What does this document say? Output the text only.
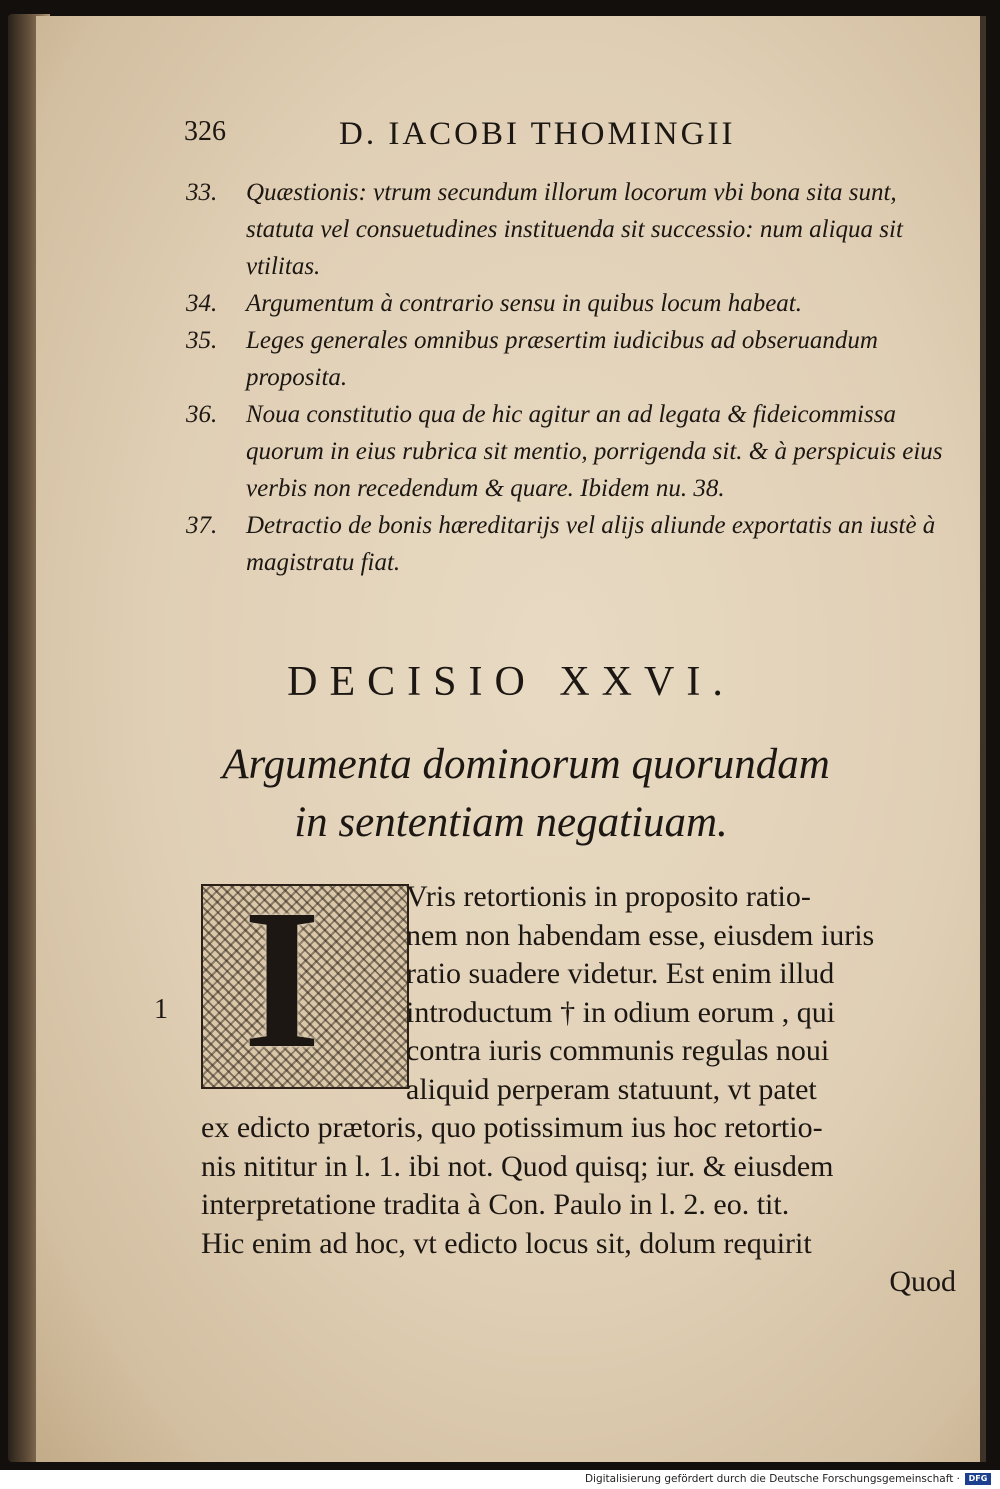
326	D. IACOBI THOMINGII
33. Quæstionis: vtrum secundum illorum locorum vbi bona sita sunt, statuta vel consuetudines instituenda sit successio: num aliqua sit vtilitas.
34. Argumentum à contrario sensu in quibus locum habeat.
35. Leges generales omnibus præsertim iudicibus ad obseruandum proposita.
36. Noua constitutio qua de hic agitur an ad legata & fideicommissa quorum in eius rubrica sit mentio, porrigenda sit. & à perspicuis eius verbis non recedendum & quare. Ibidem nu. 38.
37. Detractio de bonis hæreditarijs vel alijs aliunde exportatis an iustè à magistratu fiat.
DECISIO XXVI.
Argumenta dominorum quorundam
in sententiam negatiuam.
I
1
Vris retortionis in proposito ratio-
nem non habendam esse, eiusdem iuris
ratio suadere videtur. Est enim illud
introductum † in odium eorum , qui
contra iuris communis regulas noui
aliquid perperam statuunt, vt patet
ex edicto prætoris, quo potissimum ius hoc retortio-
nis nititur in l. 1. ibi not. Quod quisq; iur. & eiusdem
interpretatione tradita à Con. Paulo in l. 2. eo. tit.
Hic enim ad hoc, vt edicto locus sit, dolum requirit
Quod
Digitalisierung gefördert durch die Deutsche Forschungsgemeinschaft ·	DFG
